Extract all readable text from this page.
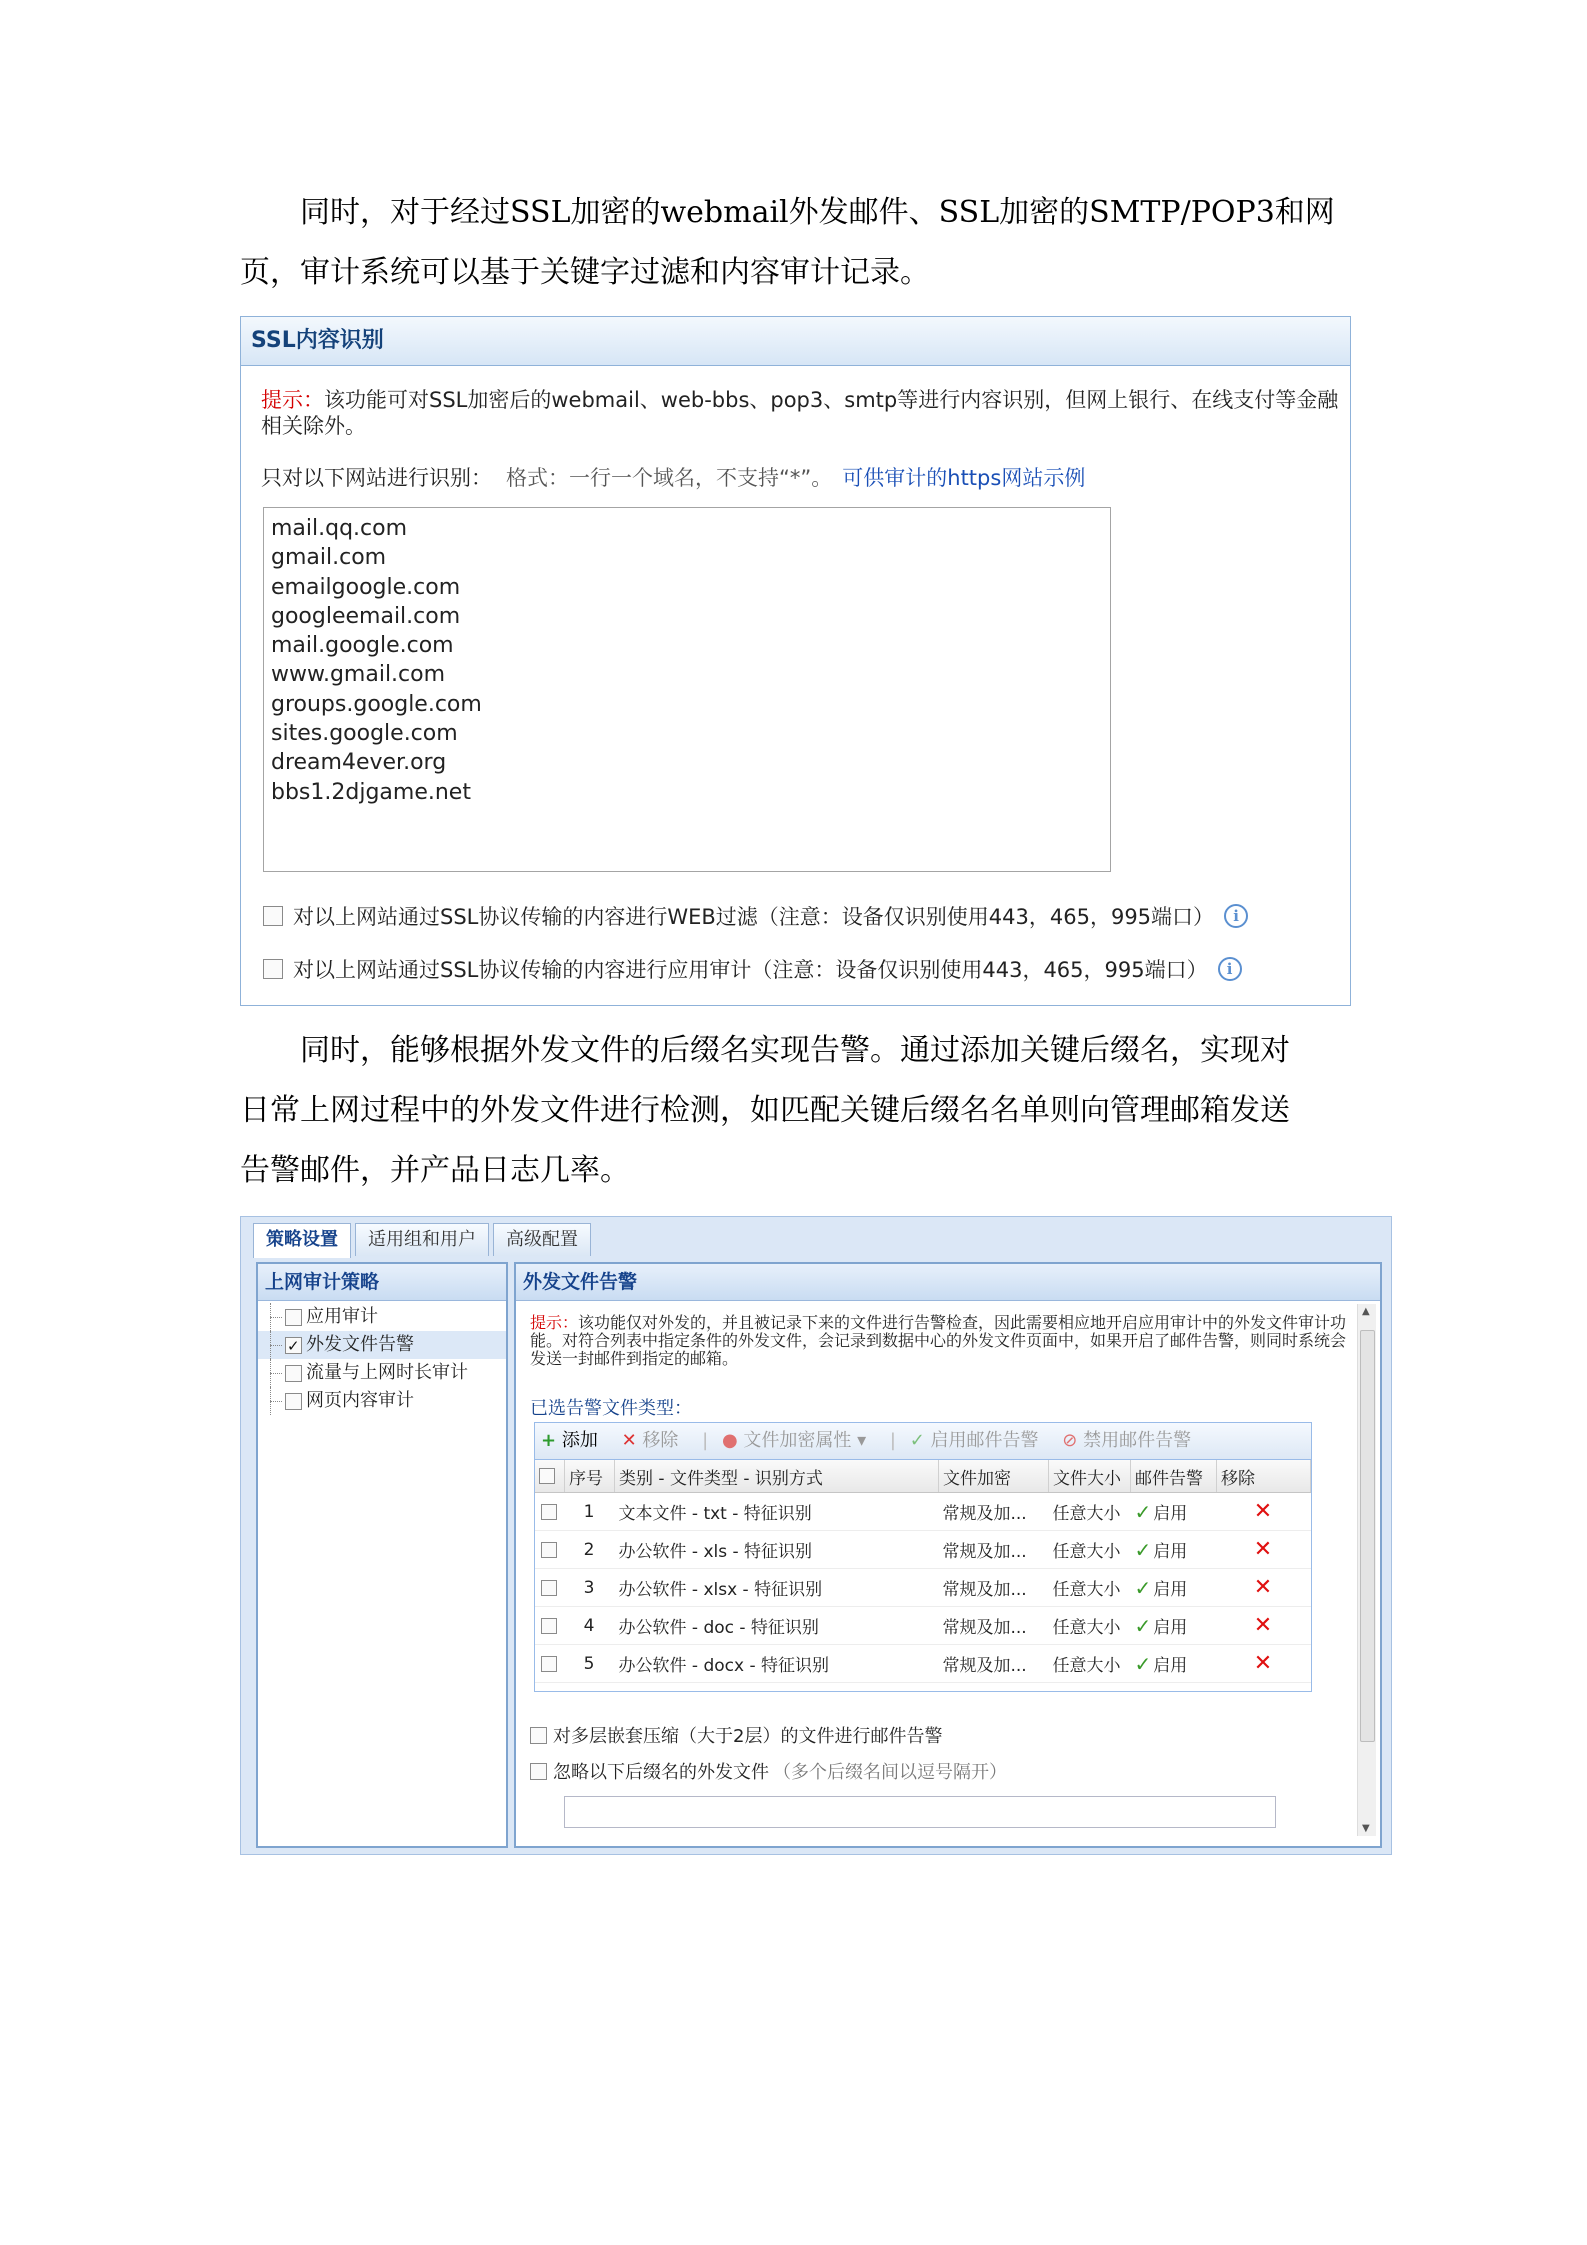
同时，对于经过SSL加密的webmail外发邮件、SSL加密的SMTP/POP3和网
页，审计系统可以基于关键字过滤和内容审计记录。
SSL内容识别
提示：该功能可对SSL加密后的webmail、web-bbs、pop3、smtp等进行内容识别，但网上银行、在线支付等金融相关除外。
只对以下网站进行识别： 格式：一行一个域名，不支持“*”。 可供审计的https网站示例
mail.qq.com
gmail.com
emailgoogle.com
googleemail.com
mail.google.com
www.gmail.com
groups.google.com
sites.google.com
dream4ever.org
bbs1.2djgame.net
对以上网站通过SSL协议传输的内容进行WEB过滤（注意：设备仅识别使用443，465，995端口）	i
对以上网站通过SSL协议传输的内容进行应用审计（注意：设备仅识别使用443，465，995端口）	i
同时，能够根据外发文件的后缀名实现告警。通过添加关键后缀名，实现对
日常上网过程中的外发文件进行检测，如匹配关键后缀名名单则向管理邮箱发送
告警邮件，并产品日志几率。
策略设置	适用组和用户	高级配置
上网审计策略
应用审计
✓外发文件告警
流量与上网时长审计
网页内容审计
外发文件告警
提示：该功能仅对外发的，并且被记录下来的文件进行告警检查，因此需要相应地开启应用审计中的外发文件审计功能。对符合列表中指定条件的外发文件，会记录到数据中心的外发文件页面中，如果开启了邮件告警，则同时系统会发送一封邮件到指定的邮箱。
已选告警文件类型：
+ 添加 ✕ 移除 | ● 文件加密属性 ▾ | ✓ 启用邮件告警 ⊘ 禁用邮件告警
	序号	类别 - 文件类型 - 识别方式	文件加密	文件大小	邮件告警	移除
	1	文本文件 - txt - 特征识别	常规及加...	任意大小	✓ 启用	✕
	2	办公软件 - xls - 特征识别	常规及加...	任意大小	✓ 启用	✕
	3	办公软件 - xlsx - 特征识别	常规及加...	任意大小	✓ 启用	✕
	4	办公软件 - doc - 特征识别	常规及加...	任意大小	✓ 启用	✕
	5	办公软件 - docx - 特征识别	常规及加...	任意大小	✓ 启用	✕
对多层嵌套压缩（大于2层）的文件进行邮件告警
忽略以下后缀名的外发文件 （多个后缀名间以逗号隔开）
▲
▼
